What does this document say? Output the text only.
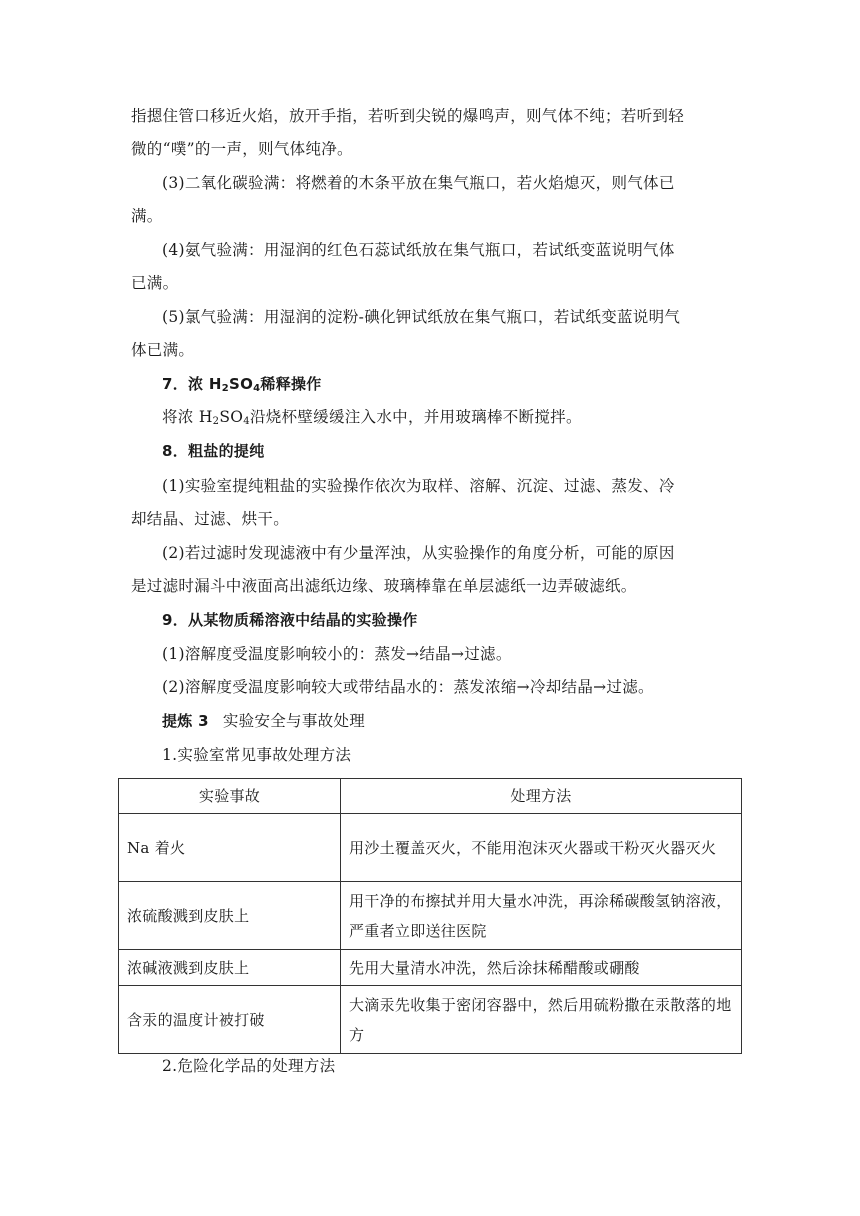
指摁住管口移近火焰，放开手指，若听到尖锐的爆鸣声，则气体不纯；若听到轻
微的“噗”的一声，则气体纯净。
(3)二氧化碳验满：将燃着的木条平放在集气瓶口，若火焰熄灭，则气体已
满。
(4)氨气验满：用湿润的红色石蕊试纸放在集气瓶口，若试纸变蓝说明气体
已满。
(5)氯气验满：用湿润的淀粉-碘化钾试纸放在集气瓶口，若试纸变蓝说明气
体已满。
7．浓 $H_2SO_4$稀释操作
将浓 $H_2SO_4$沿烧杯壁缓缓注入水中，并用玻璃棒不断搅拌。
8．粗盐的提纯
(1)实验室提纯粗盐的实验操作依次为取样、溶解、沉淀、过滤、蒸发、冷
却结晶、过滤、烘干。
(2)若过滤时发现滤液中有少量浑浊，从实验操作的角度分析，可能的原因
是过滤时漏斗中液面高出滤纸边缘、玻璃棒靠在单层滤纸一边弄破滤纸。
9．从某物质稀溶液中结晶的实验操作
(1)溶解度受温度影响较小的：蒸发→结晶→过滤。
(2)溶解度受温度影响较大或带结晶水的：蒸发浓缩→冷却结晶→过滤。
提炼 3 实验安全与事故处理
1.实验室常见事故处理方法
实验事故	处理方法
Na 着火	用沙土覆盖灭火，不能用泡沫灭火器或干粉灭火器灭火
浓硫酸溅到皮肤上	用干净的布擦拭并用大量水冲洗，再涂稀碳酸氢钠溶液，严重者立即送往医院
浓碱液溅到皮肤上	先用大量清水冲洗，然后涂抹稀醋酸或硼酸
含汞的温度计被打破	大滴汞先收集于密闭容器中，然后用硫粉撒在汞散落的地方
2.危险化学品的处理方法
